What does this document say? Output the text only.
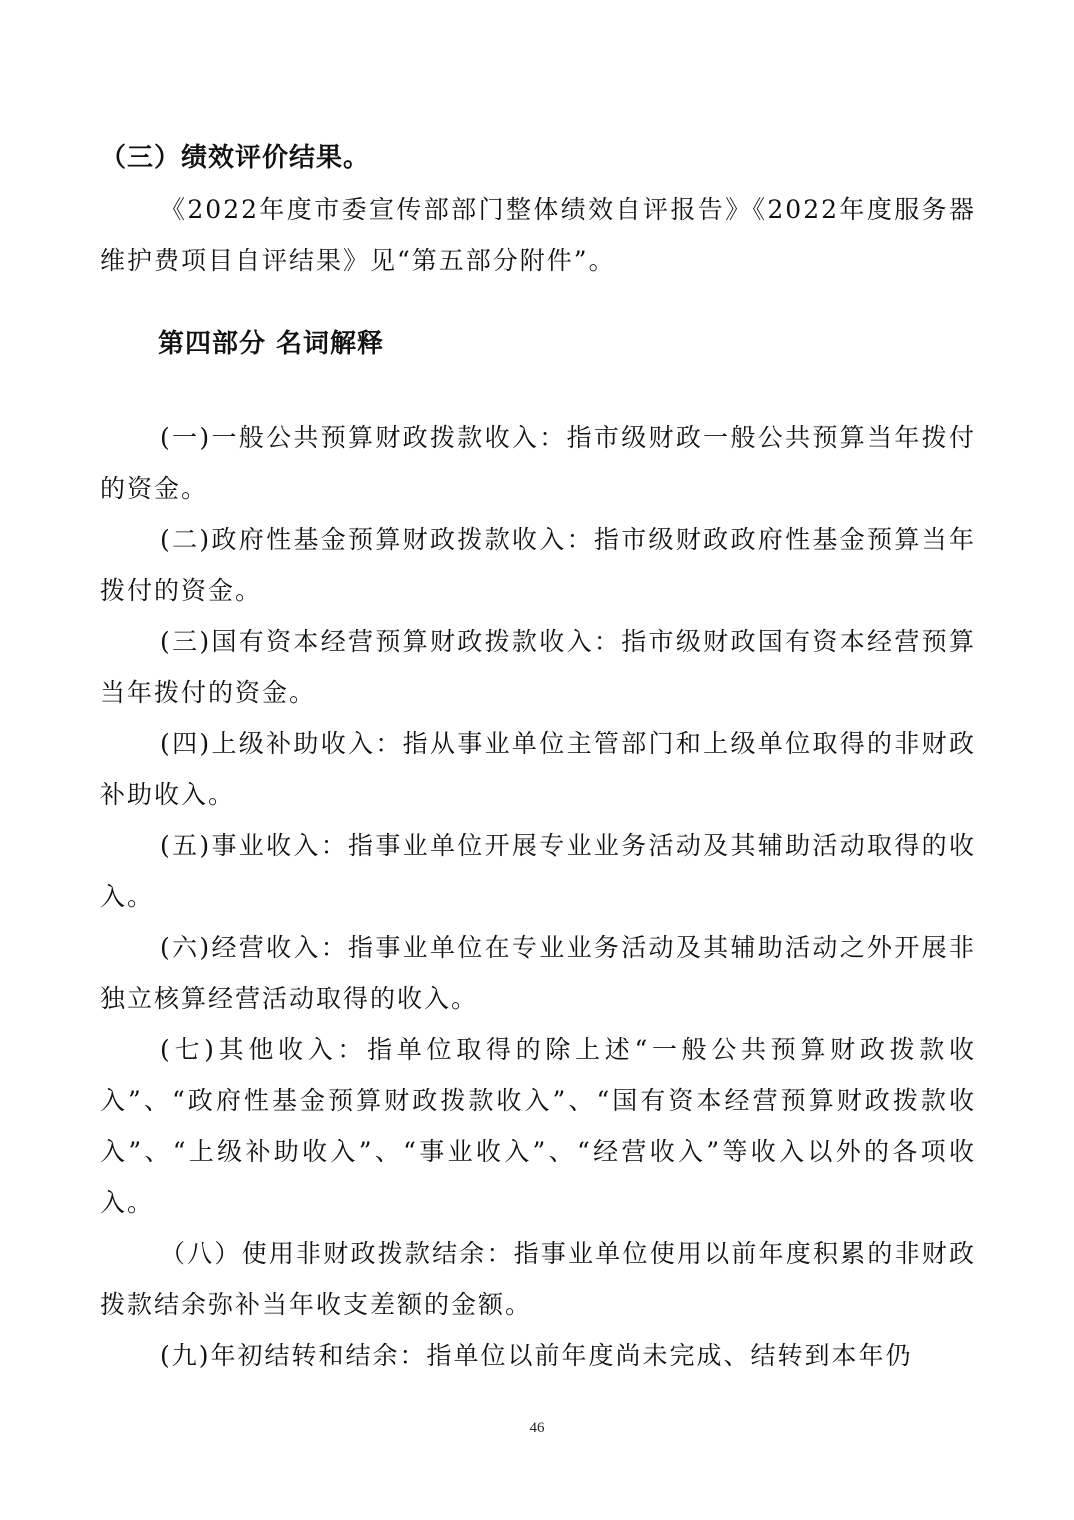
（三）绩效评价结果。

《2022年度市委宣传部部门整体绩效自评报告》《2022年度服务器维护费项目自评结果》见“第五部分附件”。

第四部分 名词解释

(一)一般公共预算财政拨款收入：指市级财政一般公共预算当年拨付的资金。

(二)政府性基金预算财政拨款收入：指市级财政政府性基金预算当年拨付的资金。

(三)国有资本经营预算财政拨款收入：指市级财政国有资本经营预算当年拨付的资金。

(四)上级补助收入：指从事业单位主管部门和上级单位取得的非财政补助收入。

(五)事业收入：指事业单位开展专业业务活动及其辅助活动取得的收入。

(六)经营收入：指事业单位在专业业务活动及其辅助活动之外开展非独立核算经营活动取得的收入。

(七)其他收入：指单位取得的除上述“一般公共预算财政拨款收入”、“政府性基金预算财政拨款收入”、“国有资本经营预算财政拨款收入”、“上级补助收入”、“事业收入”、“经营收入”等收入以外的各项收入。

（八）使用非财政拨款结余：指事业单位使用以前年度积累的非财政拨款结余弥补当年收支差额的金额。

(九)年初结转和结余：指单位以前年度尚未完成、结转到本年仍

46
